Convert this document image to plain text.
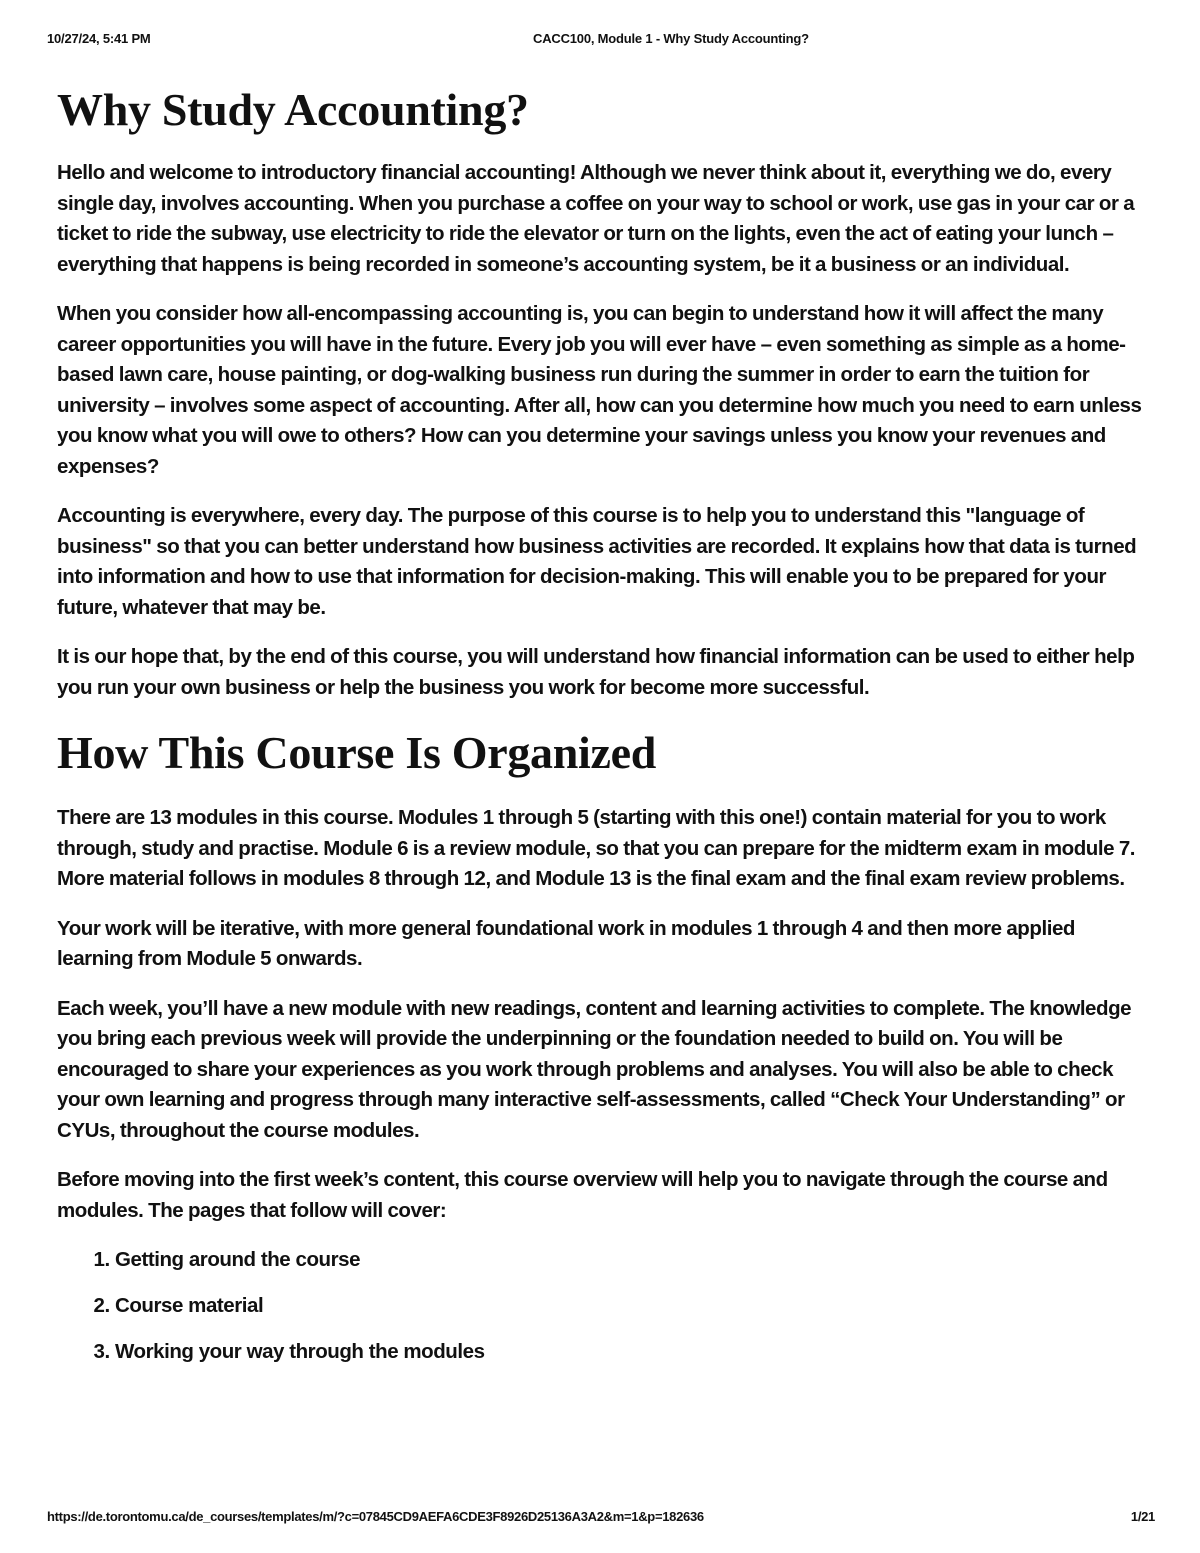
10/27/24, 5:41 PM	CACC100, Module 1 - Why Study Accounting?
Why Study Accounting?

Hello and welcome to introductory financial accounting! Although we never think about it, everything we do, every single day, involves accounting. When you purchase a coffee on your way to school or work, use gas in your car or a ticket to ride the subway, use electricity to ride the elevator or turn on the lights, even the act of eating your lunch – everything that happens is being recorded in someone’s accounting system, be it a business or an individual.

When you consider how all-encompassing accounting is, you can begin to understand how it will affect the many career opportunities you will have in the future. Every job you will ever have – even something as simple as a home-based lawn care, house painting, or dog-walking business run during the summer in order to earn the tuition for university – involves some aspect of accounting. After all, how can you determine how much you need to earn unless you know what you will owe to others? How can you determine your savings unless you know your revenues and expenses?

Accounting is everywhere, every day. The purpose of this course is to help you to understand this "language of business" so that you can better understand how business activities are recorded. It explains how that data is turned into information and how to use that information for decision-making. This will enable you to be prepared for your future, whatever that may be.

It is our hope that, by the end of this course, you will understand how financial information can be used to either help you run your own business or help the business you work for become more successful.

How This Course Is Organized

There are 13 modules in this course. Modules 1 through 5 (starting with this one!) contain material for you to work through, study and practise. Module 6 is a review module, so that you can prepare for the midterm exam in module 7. More material follows in modules 8 through 12, and Module 13 is the final exam and the final exam review problems.

Your work will be iterative, with more general foundational work in modules 1 through 4 and then more applied learning from Module 5 onwards.

Each week, you’ll have a new module with new readings, content and learning activities to complete. The knowledge you bring each previous week will provide the underpinning or the foundation needed to build on. You will be encouraged to share your experiences as you work through problems and analyses. You will also be able to check your own learning and progress through many interactive self-assessments, called “Check Your Understanding” or CYUs, throughout the course modules.

Before moving into the first week’s content, this course overview will help you to navigate through the course and modules. The pages that follow will cover:

1. Getting around the course
2. Course material
3. Working your way through the modules
https://de.torontomu.ca/de_courses/templates/m/?c=07845CD9AEFA6CDE3F8926D25136A3A2&m=1&p=182636	1/21
